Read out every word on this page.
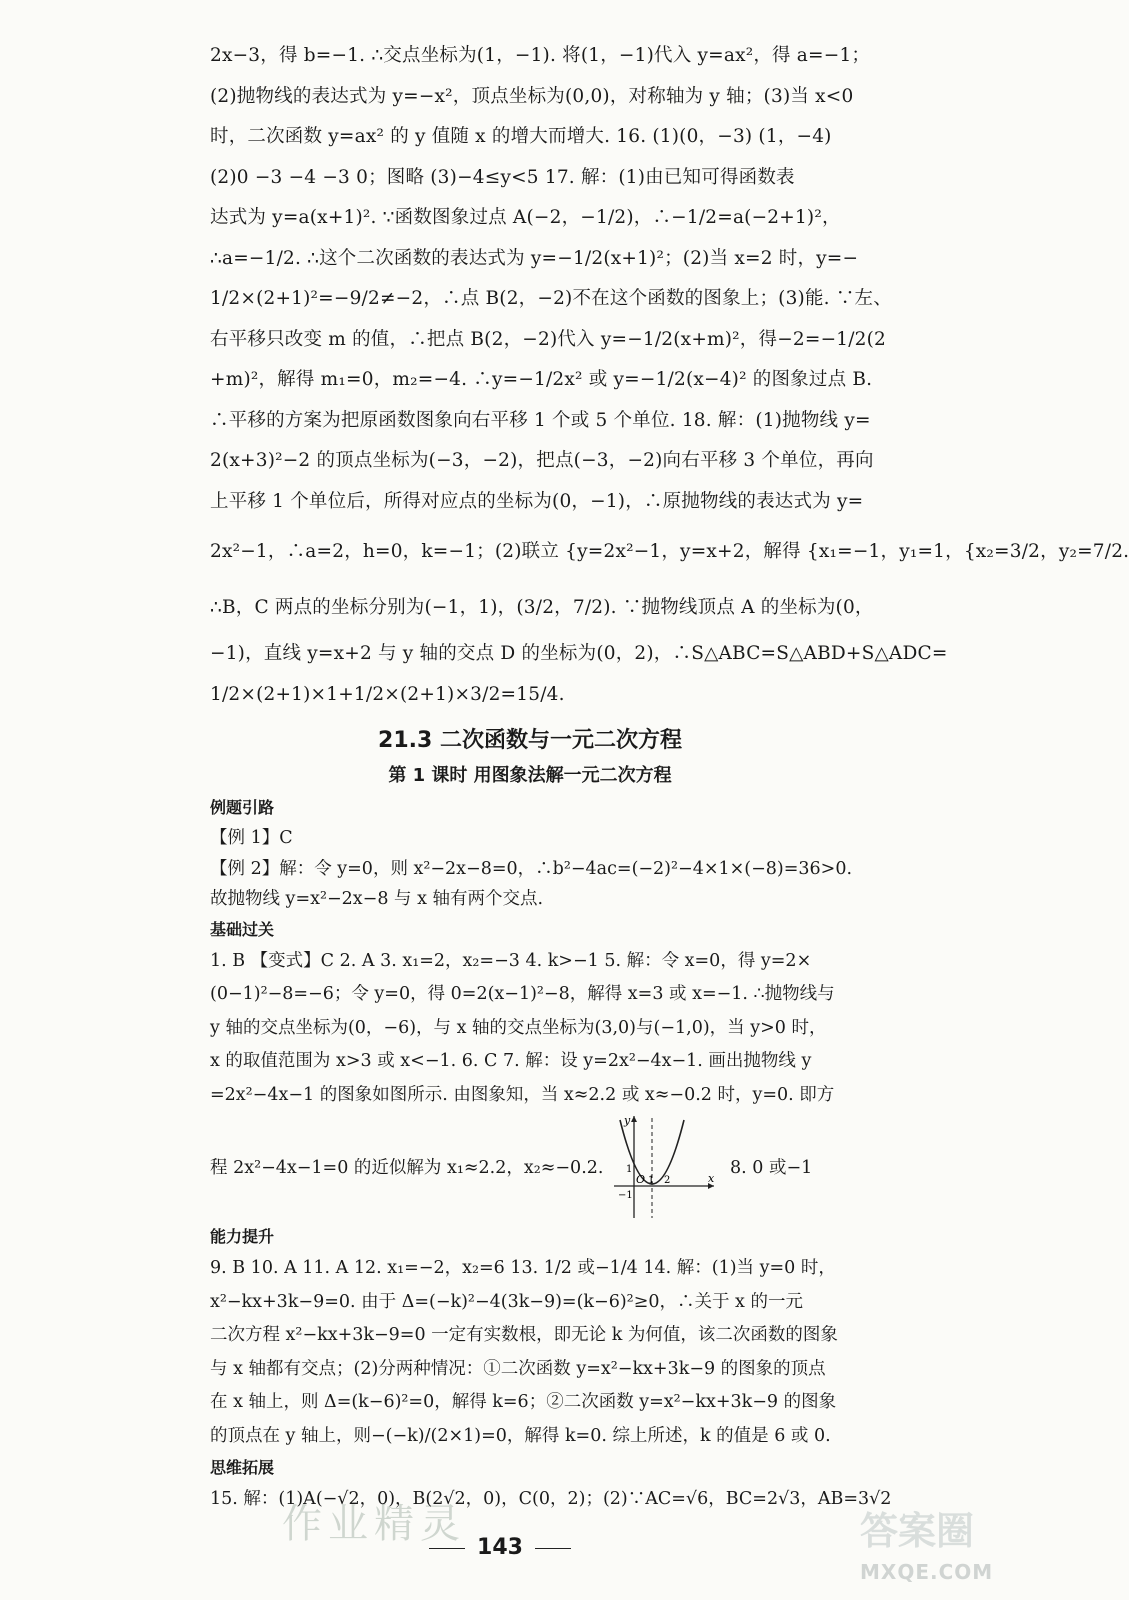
作业精灵	答案圈
MXQE.COM

2x−3，得 b=−1. ∴交点坐标为(1，−1). 将(1，−1)代入 y=ax²，得 a=−1；

(2)抛物线的表达式为 y=−x²，顶点坐标为(0,0)，对称轴为 y 轴；(3)当 x<0

时，二次函数 y=ax² 的 y 值随 x 的增大而增大. 16. (1)(0，−3) (1，−4)

(2)0 −3 −4 −3 0；图略 (3)−4≤y<5 17. 解：(1)由已知可得函数表

达式为 y=a(x+1)². ∵函数图象过点 A(−2，−1/2)，∴−1/2=a(−2+1)²，

∴a=−1/2. ∴这个二次函数的表达式为 y=−1/2(x+1)²；(2)当 x=2 时，y=−

1/2×(2+1)²=−9/2≠−2，∴点 B(2，−2)不在这个函数的图象上；(3)能. ∵左、

右平移只改变 m 的值，∴把点 B(2，−2)代入 y=−1/2(x+m)²，得−2=−1/2(2

+m)²，解得 m₁=0，m₂=−4. ∴y=−1/2x² 或 y=−1/2(x−4)² 的图象过点 B.

∴平移的方案为把原函数图象向右平移 1 个或 5 个单位. 18. 解：(1)抛物线 y=

2(x+3)²−2 的顶点坐标为(−3，−2)，把点(−3，−2)向右平移 3 个单位，再向

上平移 1 个单位后，所得对应点的坐标为(0，−1)，∴原抛物线的表达式为 y=

2x²−1，∴a=2，h=0，k=−1；(2)联立 {y=2x²−1，y=x+2，解得 {x₁=−1，y₁=1，{x₂=3/2，y₂=7/2.

∴B，C 两点的坐标分别为(−1，1)，(3/2，7/2). ∵抛物线顶点 A 的坐标为(0，

−1)，直线 y=x+2 与 y 轴的交点 D 的坐标为(0，2)，∴S△ABC=S△ABD+S△ADC=

1/2×(2+1)×1+1/2×(2+1)×3/2=15/4.

21.3 二次函数与一元二次方程
第 1 课时 用图象法解一元二次方程
例题引路

【例 1】C

【例 2】解：令 y=0，则 x²−2x−8=0，∴b²−4ac=(−2)²−4×1×(−8)=36>0.

故抛物线 y=x²−2x−8 与 x 轴有两个交点.

基础过关

1. B 【变式】C 2. A 3. x₁=2，x₂=−3 4. k>−1 5. 解：令 x=0，得 y=2×

(0−1)²−8=−6；令 y=0，得 0=2(x−1)²−8，解得 x=3 或 x=−1. ∴抛物线与

y 轴的交点坐标为(0，−6)，与 x 轴的交点坐标为(3,0)与(−1,0)，当 y>0 时，

x 的取值范围为 x>3 或 x<−1. 6. C 7. 解：设 y=2x²−4x−1. 画出抛物线 y

=2x²−4x−1 的图象如图所示. 由图象知，当 x≈2.2 或 x≈−0.2 时，y=0. 即方

程 2x²−4x−1=0 的近似解为 x₁≈2.2，x₂≈−0.2.	8. 0 或−1
y
x
O
1
−1
1 2
能力提升

9. B 10. A 11. A 12. x₁=−2，x₂=6 13. 1/2 或−1/4 14. 解：(1)当 y=0 时，

x²−kx+3k−9=0. 由于 Δ=(−k)²−4(3k−9)=(k−6)²≥0，∴关于 x 的一元

二次方程 x²−kx+3k−9=0 一定有实数根，即无论 k 为何值，该二次函数的图象

与 x 轴都有交点；(2)分两种情况：①二次函数 y=x²−kx+3k−9 的图象的顶点

在 x 轴上，则 Δ=(k−6)²=0，解得 k=6；②二次函数 y=x²−kx+3k−9 的图象

的顶点在 y 轴上，则−(−k)/(2×1)=0，解得 k=0. 综上所述，k 的值是 6 或 0.

思维拓展

15. 解：(1)A(−√2，0)，B(2√2，0)，C(0，2)；(2)∵AC=√6，BC=2√3，AB=3√2

143
